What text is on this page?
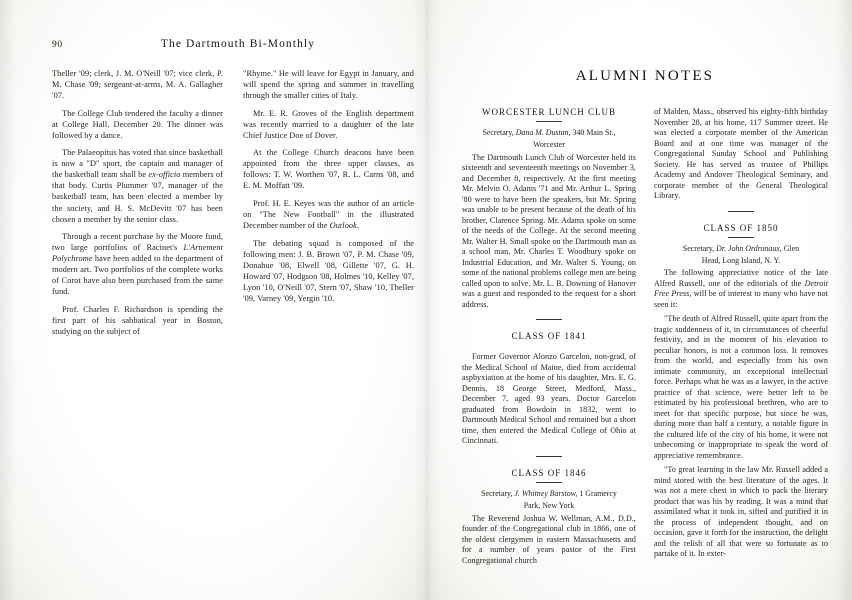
90	The Dartmouth Bi-Monthly

Theller '09; clerk, J. M. O'Neill '07; vice clerk, P. M. Chase '09; sergeant-at-arms, M. A. Gallagher '07.

The College Club tendered the faculty a dinner at College Hall, December 20. The dinner was followed by a dance.

The Palaeopitus has voted that since basketball is now a "D" sport, the captain and manager of the basketball team shall be ex-officio members of that body. Curtis Plummer '07, manager of the basketball team, has been elected a member by the society, and H. S. McDevitt '07 has been chosen a member by the senior class.

Through a recent purchase by the Moore fund, two large portfolios of Racinet's L'Arnement Polychrome have been added to the department of modern art. Two portfolios of the complete works of Corot have also been purchased from the same fund.

Prof. Charles F. Richardson is spending the first part of his sabbatical year in Boston, studying on the subject of

"Rhyme." He will leave for Egypt in January, and will spend the spring and summer in travelling through the smaller cities of Italy.

Mr. E. R. Groves of the English department was recently married to a daughter of the late Chief Justice Doe of Dover.

At the College Church deacons have been appointed from the three upper classes, as follows: T. W. Worthen '07, R. L. Carns '08, and E. M. Moffatt '09.

Prof. H. E. Keyes was the author of an article on "The New Football" in the illustrated December number of the Outlook.

The debating squad is composed of the following men: J. B. Brown '07, P. M. Chase '09, Donahue '08, Elwell '08, Gillette '07, G. H. Howard '07, Hodgson '08, Holmes '10, Kelley '07, Lyon '10, O'Neill '07, Stern '07, Shaw '10, Theller '09, Varney '09, Yergin '10.

ALUMNI NOTES
WORCESTER LUNCH CLUB

Secretary, Dana M. Dustan, 340 Main St.,

Worcester

The Dartmouth Lunch Club of Worcester held its sixteenth and seventeenth meetings on November 3, and December 8, respectively. At the first meeting Mr. Melvin O. Adams '71 and Mr. Arthur L. Spring '80 were to have been the speakers, but Mr. Spring was unable to be present because of the death of his brother, Clarence Spring. Mr. Adams spoke on some of the needs of the College. At the second meeting Mr. Walter H. Small spoke on the Dartmouth man as a school man, Mr. Charles T. Woodbury spoke on Industrial Education, and Mr. Walter S. Young, on some of the national problems college men are being called upon to solve. Mr. L. B. Downing of Hanover was a guest and responded to the request for a short address.

CLASS OF 1841

Former Governor Alonzo Garcelon, non-grad, of the Medical School of Maine, died from accidental asphyxiation at the home of his daughter, Mrs. E. G. Dennis, 18 George Street, Medford, Mass., December 7, aged 93 years. Doctor Garcelon graduated from Bowdoin in 1832, went to Dartmouth Medical School and remained but a short time, then entered the Medical College of Ohio at Cincinnati.

CLASS OF 1846

Secretary, J. Whitney Barstow, 1 Gramercy

Park, New York

The Reverend Joshua W. Wellman, A.M., D.D., founder of the Congregational club in 1866, one of the oldest clergymen in eastern Massachusetts and for a number of years pastor of the First Congregational church

of Malden, Mass., observed his eighty-fifth birthday November 28, at his home, 117 Summer street. He was elected a corporate member of the American Board and at one time was manager of the Congregational Sunday School and Publishing Society. He has served as trustee of Phillips Academy and Andover Theological Seminary, and corporate member of the General Theological Library.

CLASS OF 1850

Secretary, Dr. John Ordronaux, Glen

Head, Long Island, N. Y.

The following appreciative notice of the late Alfred Russell, one of the editorials of the Detroit Free Press, will be of interest to many who have not seen it:

"The death of Alfred Russell, quite apart from the tragic suddenness of it, in circumstances of cheerful festivity, and in the moment of his elevation to peculiar honors, is not a common loss. It removes from the world, and especially from his own intimate community, an exceptional intellectual force. Perhaps what he was as a lawyer, in the active practice of that science, were better left to be estimated by his professional brethren, who are to meet for that specific purpose, but since he was, during more than half a century, a notable figure in the cultured life of the city of his home, it were not unbecoming or inappropriate to speak the word of appreciative remembrance.

"To great learning in the law Mr. Russell added a mind stored with the best literature of the ages. It was not a mere chest in which to pack the literary product that was his by reading. It was a mind that assimilated what it took in, sifted and purified it in the process of independent thought, and on occasion, gave it forth for the instruction, the delight and the relish of all that were so fortunate as to partake of it. In exter-
